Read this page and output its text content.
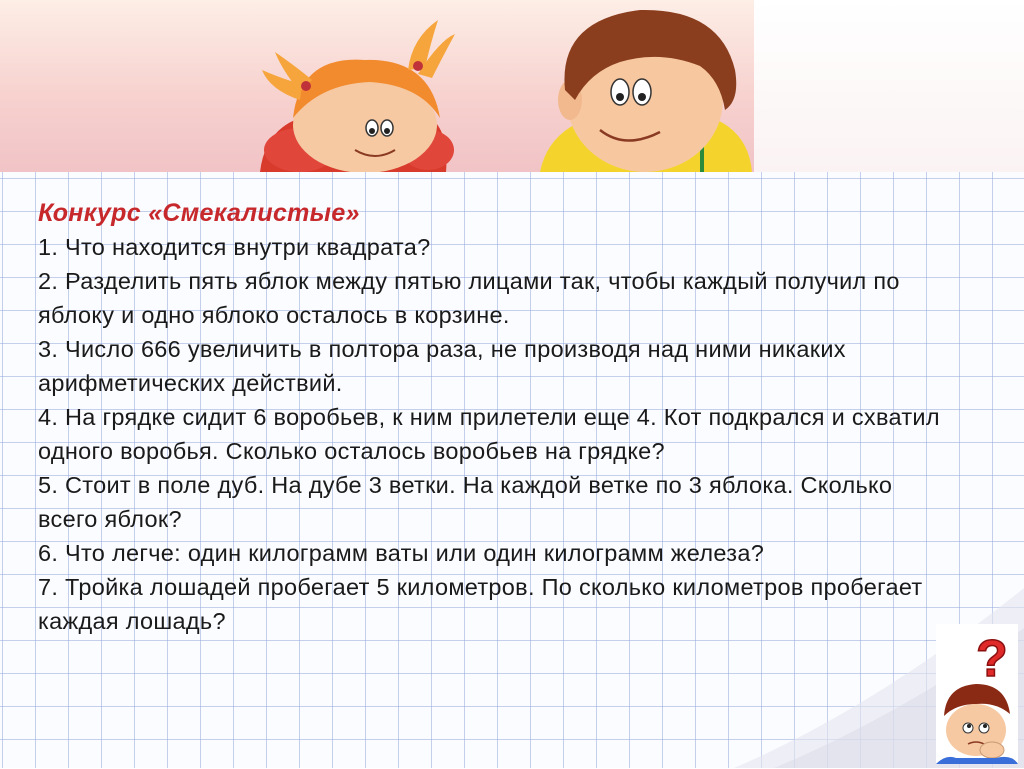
Конкурс «Смекалистые»

1. Что находится внутри квадрата?

2. Разделить пять яблок между пятью лицами так, чтобы каждый получил по яблоку и одно яблоко осталось в корзине.

3. Число 666 увеличить в полтора раза, не производя над ними никаких арифметических действий.

4. На грядке сидит 6 воробьев, к ним прилетели еще 4. Кот подкрался и схватил одного воробья. Сколько осталось воробьев на грядке?

5. Стоит в поле дуб. На дубе 3 ветки. На каждой ветке по 3 яблока. Сколько всего яблок?

6. Что легче: один килограмм ваты или один килограмм железа?

7. Тройка лошадей пробегает 5 километров. По сколько километров пробегает каждая лошадь?

?
